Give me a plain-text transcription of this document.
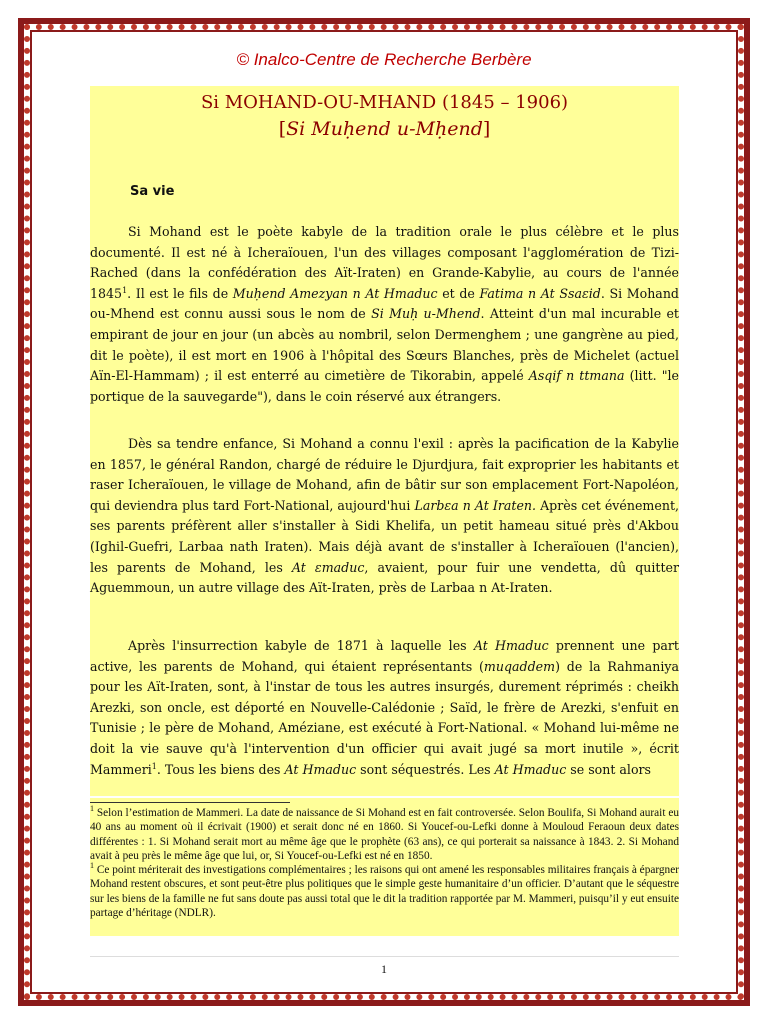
© Inalco-Centre de Recherche Berbère
Si MOHAND-OU-MHAND (1845 – 1906)
[Si Muḥend u-Mḥend]
Sa vie

Si Mohand est le poète kabyle de la tradition orale le plus célèbre et le plus documenté. Il est né à Icheraïouen, l'un des villages composant l'agglomération de Tizi-Rached (dans la confédération des Aït-Iraten) en Grande-Kabylie, au cours de l'année 1845$^1$. Il est le fils de Muḥend Amezyan n At Hmaduc et de Fatima n At Ssaɛid. Si Mohand ou-Mhend est connu aussi sous le nom de Si Muḥ u-Mhend. Atteint d'un mal incurable et empirant de jour en jour (un abcès au nombril, selon Dermenghem ; une gangrène au pied, dit le poète), il est mort en 1906 à l'hôpital des Sœurs Blanches, près de Michelet (actuel Aïn-El-Hammam) ; il est enterré au cimetière de Tikorabin, appelé Asqif n ttmana (litt. "le portique de la sauvegarde"), dans le coin réservé aux étrangers.

Dès sa tendre enfance, Si Mohand a connu l'exil : après la pacification de la Kabylie en 1857, le général Randon, chargé de réduire le Djurdjura, fait exproprier les habitants et raser Icheraïouen, le village de Mohand, afin de bâtir sur son emplacement Fort-Napoléon, qui deviendra plus tard Fort-National, aujourd'hui Larbɛa n At Iraten. Après cet événement, ses parents préfèrent aller s'installer à Sidi Khelifa, un petit hameau situé près d'Akbou (Ighil-Guefri, Larbaa nath Iraten). Mais déjà avant de s'installer à Icheraïouen (l'ancien), les parents de Mohand, les At ɛmaduc, avaient, pour fuir une vendetta, dû quitter Aguemmoun, un autre village des Aït-Iraten, près de Larbaa n At-Iraten.

Après l'insurrection kabyle de 1871 à laquelle les At Hmaduc prennent une part active, les parents de Mohand, qui étaient représentants (muqaddem) de la Rahmaniya pour les Aït-Iraten, sont, à l'instar de tous les autres insurgés, durement réprimés : cheikh Arezki, son oncle, est déporté en Nouvelle-Calédonie ; Saïd, le frère de Arezki, s'enfuit en Tunisie ; le père de Mohand, Améziane, est exécuté à Fort-National. « Mohand lui-même ne doit la vie sauve qu'à l'intervention d'un officier qui avait jugé sa mort inutile », écrit Mammeri$^1$. Tous les biens des At Hmaduc sont séquestrés. Les At Hmaduc se sont alors

$^1$ Selon l’estimation de Mammeri. La date de naissance de Si Mohand est en fait controversée. Selon Boulifa, Si Mohand aurait eu 40 ans au moment où il écrivait (1900) et serait donc né en 1860. Si Youcef-ou-Lefki donne à Mouloud Feraoun deux dates différentes : 1. Si Mohand serait mort au même âge que le prophète (63 ans), ce qui porterait sa naissance à 1843. 2. Si Mohand avait à peu près le même âge que lui, or, Si Youcef-ou-Lefki est né en 1850.

$^1$ Ce point mériterait des investigations complémentaires ; les raisons qui ont amené les responsables militaires français à épargner Mohand restent obscures, et sont peut-être plus politiques que le simple geste humanitaire d’un officier. D’autant que le séquestre sur les biens de la famille ne fut sans doute pas aussi total que le dit la tradition rapportée par M. Mammeri, puisqu’il y eut ensuite partage d’héritage (NDLR).

1
